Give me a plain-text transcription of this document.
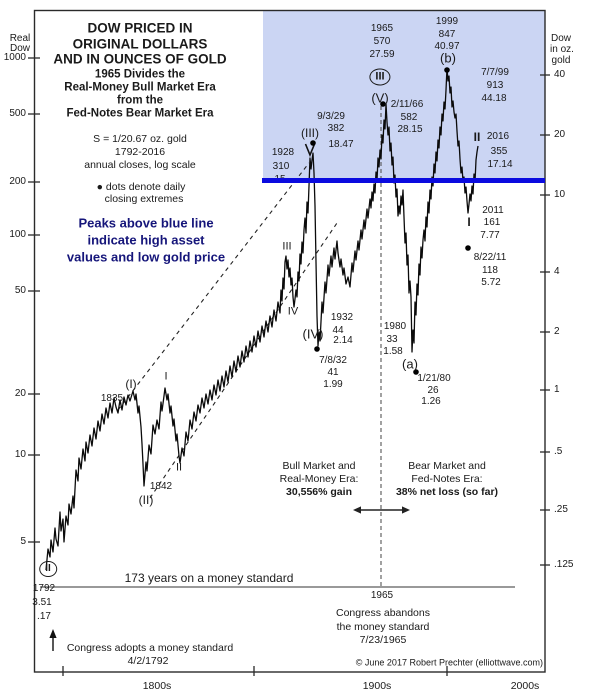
DOW PRICED IN
ORIGINAL DOLLARS
AND IN OUNCES OF GOLD
1965 Divides the
Real-Money Bull Market Era
from the
Fed-Notes Bear Market Era
S = 1/20.67 oz. gold
1792-2016
annual closes, log scale
● dots denote daily
closing extremes
Peaks above blue line
indicate high asset
values and low gold price
1965
570
27.59
III
(V) 2/11/66
582
28.15
1999
847
40.97
(b)
7/7/99
913
44.18
9/3/29
(III) 382
18.47
1928
310
II 2016
355
17.14
2011
161
7.77
I
8/22/11
118
5.72
1932
44
2.14
(IV)
7/8/32
41
1.99
1980
33
1.58
(a)
1/21/80
26
1.26
(I)
1835
I
1842
(II)
II
III
IV
II
1792
3.51
.17
173 years on a money standard
1965
Congress abandons
the money standard
7/23/1965
Congress adopts a money standard
4/2/1792
Bull Market and
Real-Money Era:
30,556% gain
Bear Market and
Fed-Notes Era:
38% net loss (so far)
© June 2017 Robert Prechter (elliottwave.com)
Real
Dow
Dow
in oz.
gold
1000
500
200
100
50
20
10
5
40
20
10
4
2
1
.5
.25
.125
1800s	1900s	2000s
